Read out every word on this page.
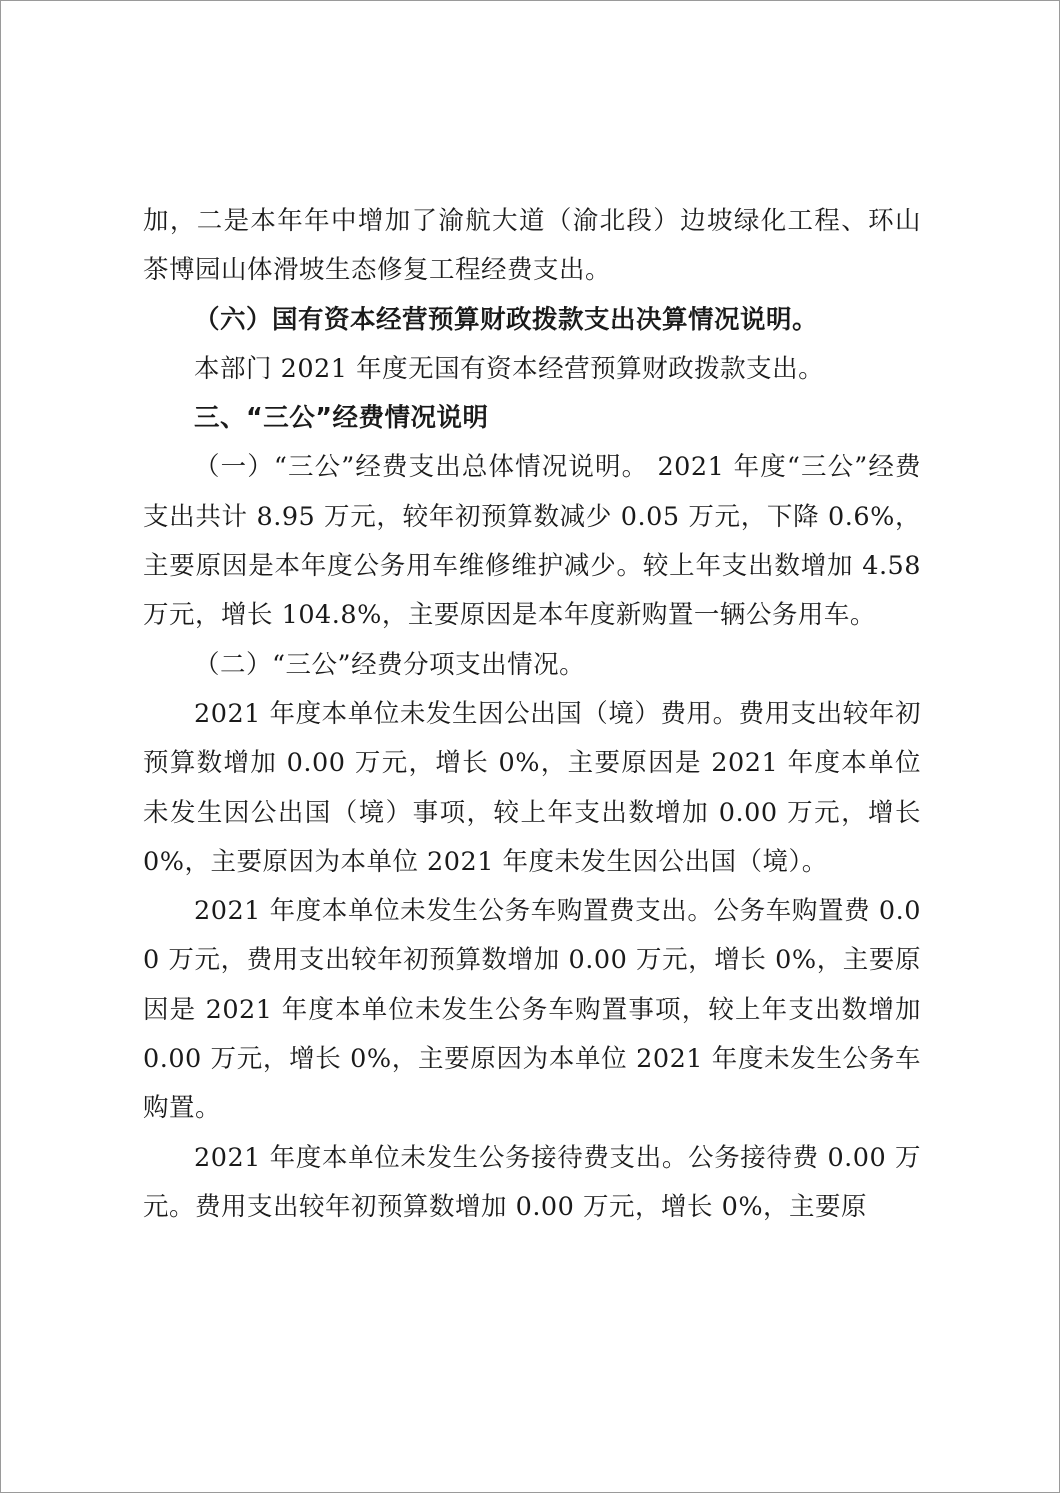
加，二是本年年中增加了渝航大道（渝北段）边坡绿化工程、环山茶博园山体滑坡生态修复工程经费支出。

（六）国有资本经营预算财政拨款支出决算情况说明。

本部门 2021 年度无国有资本经营预算财政拨款支出。

三、“三公”经费情况说明

（一）“三公”经费支出总体情况说明。 2021 年度“三公”经费支出共计 8.95 万元，较年初预算数减少 0.05 万元，下降 0.6%，主要原因是本年度公务用车维修维护减少。较上年支出数增加 4.58 万元，增长 104.8%，主要原因是本年度新购置一辆公务用车。

（二）“三公”经费分项支出情况。

2021 年度本单位未发生因公出国（境）费用。费用支出较年初预算数增加 0.00 万元，增长 0%，主要原因是 2021 年度本单位未发生因公出国（境）事项，较上年支出数增加 0.00 万元，增长 0%，主要原因为本单位 2021 年度未发生因公出国（境）。

2021 年度本单位未发生公务车购置费支出。公务车购置费 0.00 万元，费用支出较年初预算数增加 0.00 万元，增长 0%，主要原因是 2021 年度本单位未发生公务车购置事项，较上年支出数增加 0.00 万元，增长 0%，主要原因为本单位 2021 年度未发生公务车购置。

2021 年度本单位未发生公务接待费支出。公务接待费 0.00 万元。费用支出较年初预算数增加 0.00 万元，增长 0%，主要原
